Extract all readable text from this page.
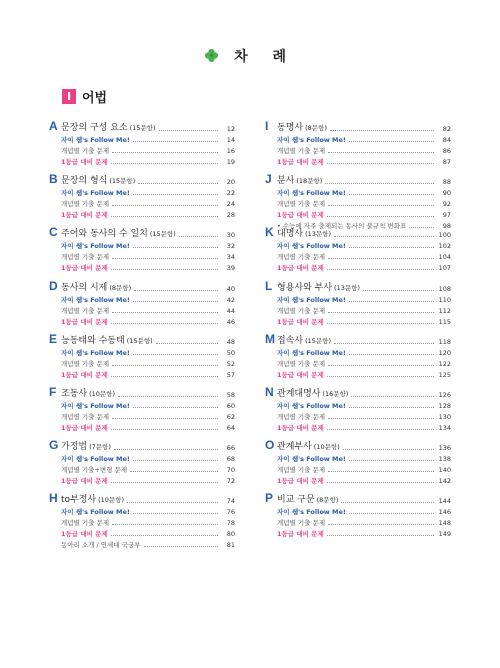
차 례
I 어법
A 문장의 구성 요소 (15문항)	12
자이 쌤's Follow Me!	14
개념별 기출 문제	16
1등급 대비 문제	19
B 문장의 형식 (15문항)	20
자이 쌤's Follow Me!	22
개념별 기출 문제	24
1등급 대비 문제	28
C 주어와 동사의 수 일치 (15문항)	30
자이 쌤's Follow Me!	32
개념별 기출 문제	34
1등급 대비 문제	39
D 동사의 시제 (8문항)	40
자이 쌤's Follow Me!	42
개념별 기출 문제	44
1등급 대비 문제	46
E 능동태와 수동태 (15문항)	48
자이 쌤's Follow Me!	50
개념별 기출 문제	52
1등급 대비 문제	57
F 조동사 (10문항)	58
자이 쌤's Follow Me!	60
개념별 기출 문제	62
1등급 대비 문제	64
G 가정법 (7문항)	66
자이 쌤's Follow Me!	68
개념별 기출+변형 문제	70
1등급 대비 문제	72
H to부정사 (10문항)	74
자이 쌤's Follow Me!	76
개념별 기출 문제	78
1등급 대비 문제	80
동아리 소개 / 연세대 국궁부	81
I 동명사 (8문항)	82
자이 쌤's Follow Me!	84
개념별 기출 문제	86
1등급 대비 문제	87
J 분사 (18문항)	88
자이 쌤's Follow Me!	90
개념별 기출 문제	92
1등급 대비 문제	97
• 수능에 자주 출제되는 동사의 불규칙 변화표	98
K 대명사 (13문항)	100
자이 쌤's Follow Me!	102
개념별 기출 문제	104
1등급 대비 문제	107
L 형용사와 부사 (13문항)	108
자이 쌤's Follow Me!	110
개념별 기출 문제	112
1등급 대비 문제	115
M 접속사 (15문항)	118
자이 쌤's Follow Me!	120
개념별 기출 문제	122
1등급 대비 문제	125
N 관계대명사 (16문항)	126
자이 쌤's Follow Me!	128
개념별 기출 문제	130
1등급 대비 문제	134
O 관계부사 (10문항)	136
자이 쌤's Follow Me!	138
개념별 기출 문제	140
1등급 대비 문제	142
P 비교 구문 (8문항)	144
자이 쌤's Follow Me!	146
개념별 기출 문제	148
1등급 대비 문제	149
